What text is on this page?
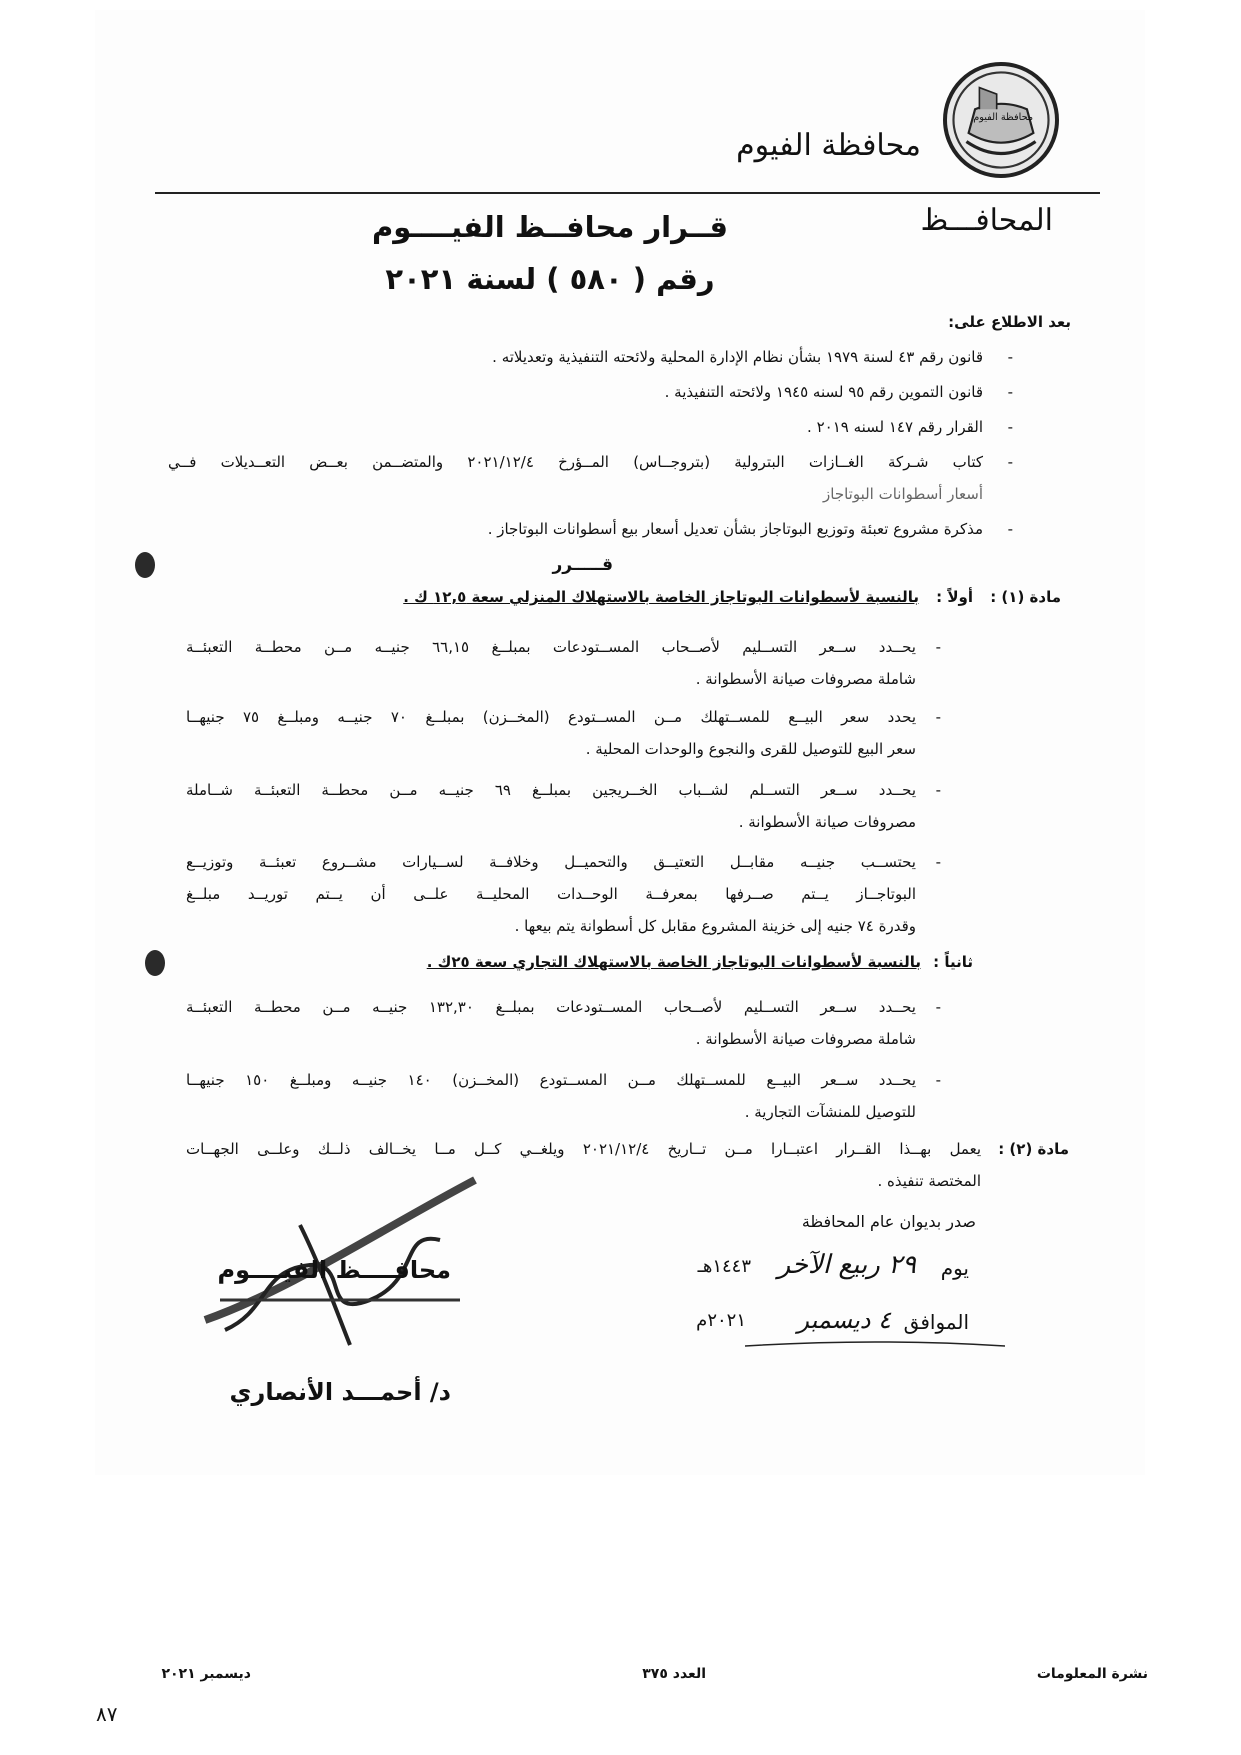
محافظة الفيوم
محافظة الفيوم
المحافـــظ
قــرار محافــظ الفيــــوم
رقم ( ٥٨٠ ) لسنة ٢٠٢١
بعد الاطلاع على:
-
قانون رقم ٤٣ لسنة ١٩٧٩ بشأن نظام الإدارة المحلية ولائحته التنفيذية وتعديلاته .
-
قانون التموين رقم ٩٥ لسنه ١٩٤٥ ولائحته التنفيذية .
-
القرار رقم ١٤٧ لسنه ٢٠١٩ .
-
كتاب شـركة الغــازات البترولية (بتروجــاس) المــؤرخ ٢٠٢١/١٢/٤ والمتضــمن بعــض التعــديلات فــي
أسعار أسطوانات البوتاجاز
-
مذكرة مشروع تعبئة وتوزيع البوتاجاز بشأن تعديل أسعار بيع أسطوانات البوتاجاز .
قـــــرر
مادة (١) :
أولاً :
بالنسبة لأسطوانات البوتاجاز الخاصة بالاستهلاك المنزلي سعة ١٢,٥ ك .
-
يحــدد ســعر التســليم لأصــحاب المســتودعات بمبلــغ ٦٦,١٥ جنيــه مــن محطــة التعبئــة
شاملة مصروفات صيانة الأسطوانة .
-
يحدد سعر البيــع للمســتهلك مــن المســتودع (المخــزن) بمبلــغ ٧٠ جنيــه ومبلــغ ٧٥ جنيهــا
سعر البيع للتوصيل للقرى والنجوع والوحدات المحلية .
-
يحــدد ســعر التســلم لشــباب الخــريجين بمبلــغ ٦٩ جنيــه مــن محطــة التعبئــة شــاملة
مصروفات صيانة الأسطوانة .
-
يحتســب جنيــه مقابــل التعتيــق والتحميــل وخلافــة لســيارات مشــروع تعبئــة وتوزيــع
البوتاجــاز يــتم صــرفها بمعرفــة الوحــدات المحليــة علــى أن يــتم توريــد مبلــغ
وقدرة ٧٤ جنيه إلى خزينة المشروع مقابل كل أسطوانة يتم بيعها .
ثانياً :
بالنسبة لأسطوانات البوتاجاز الخاصة بالاستهلاك التجاري سعة ٢٥ك .
-
يحــدد ســعر التســليم لأصــحاب المســتودعات بمبلــغ ١٣٢,٣٠ جنيــه مــن محطــة التعبئــة
شاملة مصروفات صيانة الأسطوانة .
-
يحــدد ســعر البيــع للمســتهلك مــن المســتودع (المخــزن) ١٤٠ جنيــه ومبلــغ ١٥٠ جنيهــا
للتوصيل للمنشآت التجارية .
مادة (٢) :
يعمل بهــذا القــرار اعتبــارا مــن تــاريخ ٢٠٢١/١٢/٤ ويلغــي كــل مــا يخــالف ذلــك وعلــى الجهــات
المختصة تنفيذه .
صدر بديوان عام المحافظة
يوم
٢٩ ربيع الآخر
١٤٤٣هـ
الموافق
٤ ديسمبر
٢٠٢١م
محافــــظ الفيــــوم
د/ أحمـــد الأنصاري
نشرة المعلومات
العدد ٣٧٥
ديسمبر ٢٠٢١
٨٧
